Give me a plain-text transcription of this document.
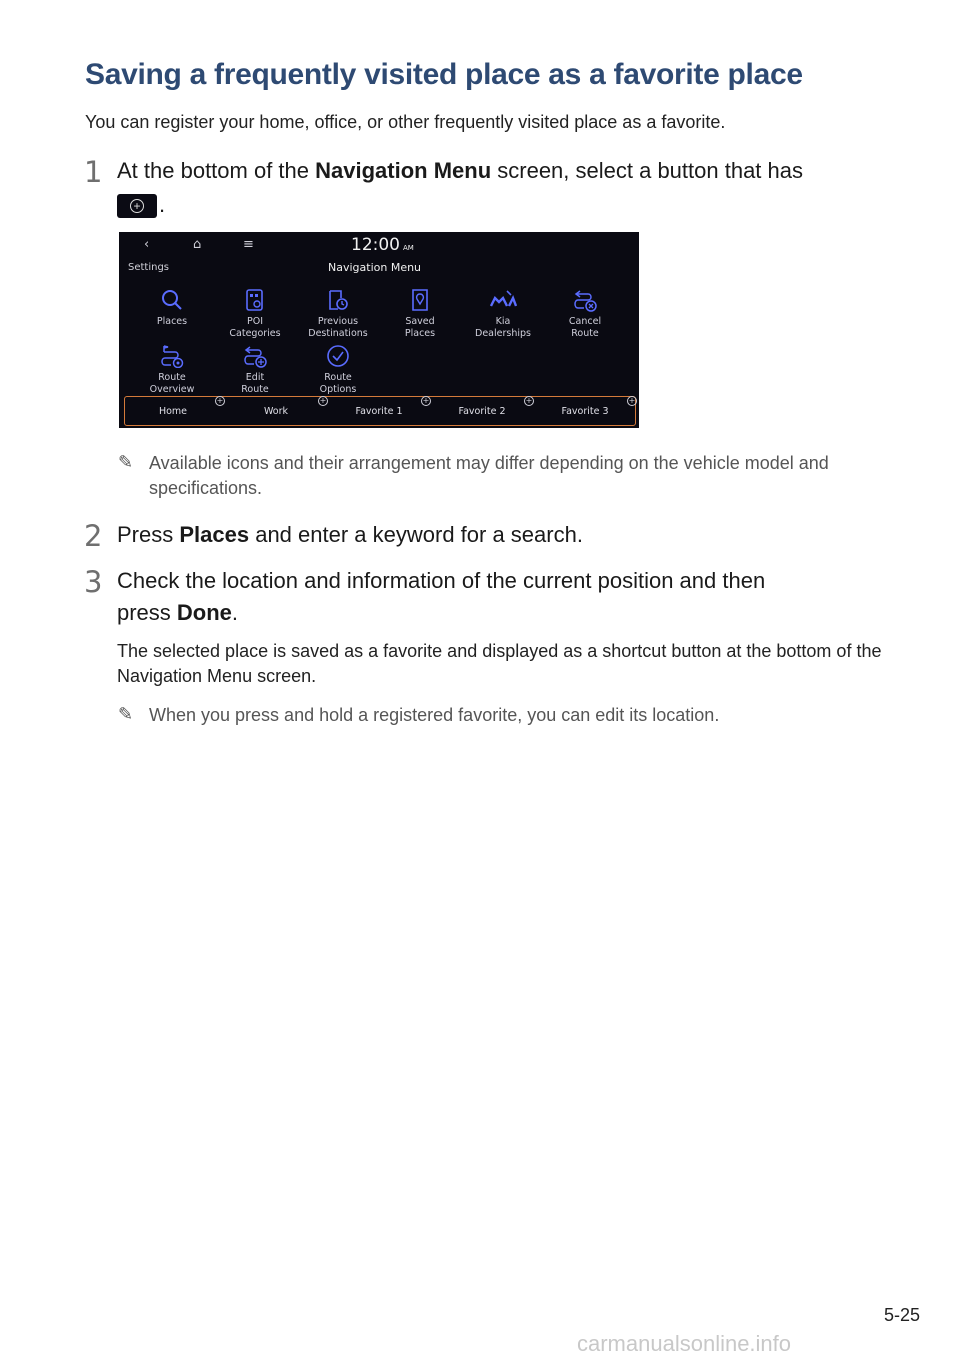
Saving a frequently visited place as a favorite place
You can register your home, office, or other frequently visited place as a favorite.
1 At the bottom of the Navigation Menu screen, select a button that has
+ .
‹	⌂	≡	12:00 AM
Settings	Navigation Menu
Places	POI
Categories
Previous
Destinations
Saved
Places
Kia
Dealerships
Cancel
Route
Route
Overview
Edit
Route
Route
Options
Home
+
Work
+
Favorite 1
+
Favorite 2
+
Favorite 3
+
✎ Available icons and their arrangement may differ depending on the vehicle model and specifications.
2 Press Places and enter a keyword for a search.
3 Check the location and information of the current position and then
press Done.
The selected place is saved as a favorite and displayed as a shortcut button at the bottom of the Navigation Menu screen.
✎ When you press and hold a registered favorite, you can edit its location.
5-25
carmanualsonline.info
